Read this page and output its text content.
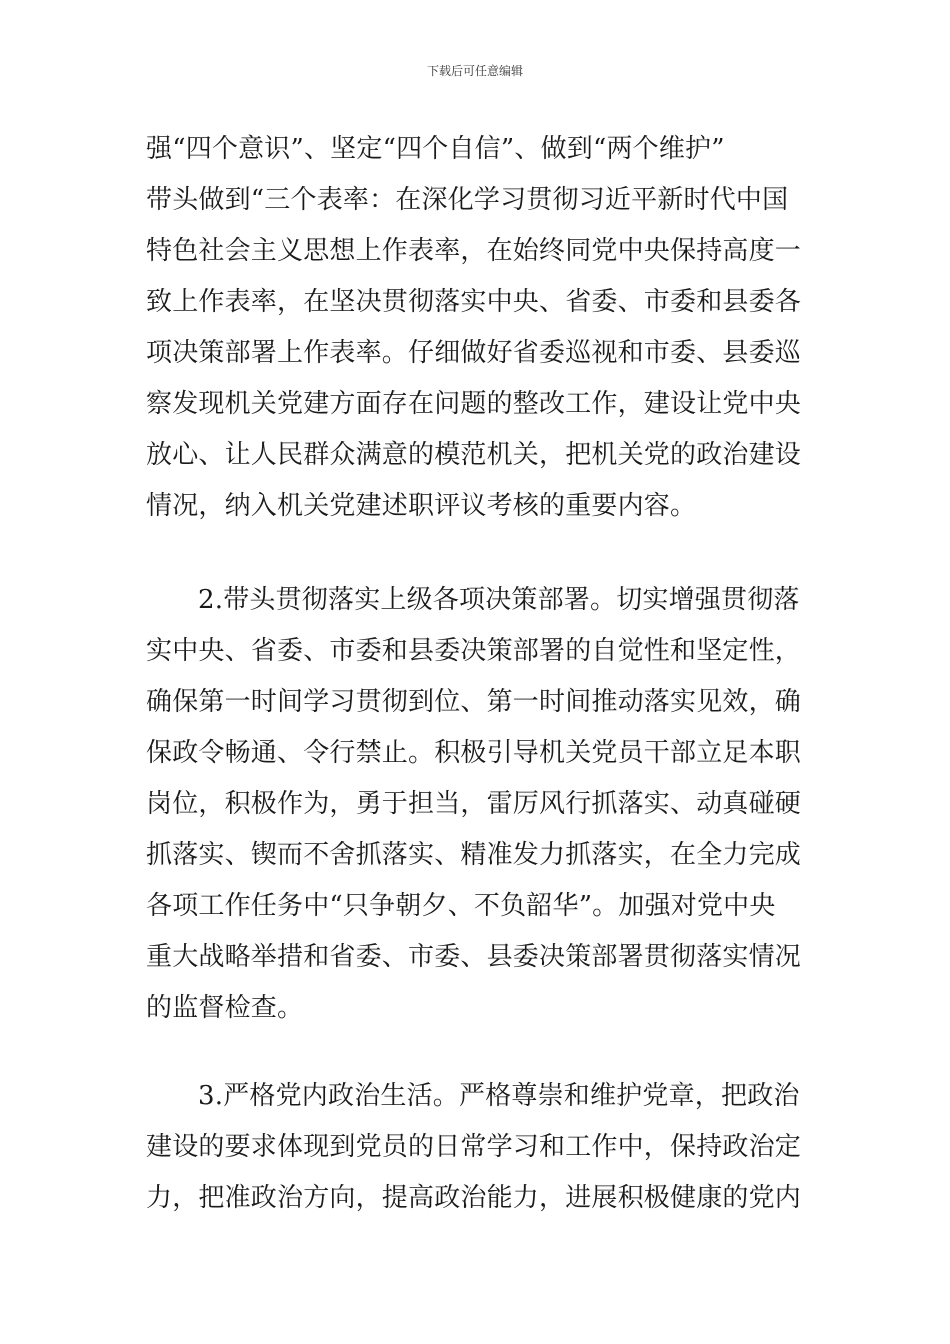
下载后可任意编辑
强“四个意识”、坚定“四个自信”、做到“两个维护”
带头做到“三个表率：在深化学习贯彻习近平新时代中国
特色社会主义思想上作表率，在始终同党中央保持高度一
致上作表率，在坚决贯彻落实中央、省委、市委和县委各
项决策部署上作表率。仔细做好省委巡视和市委、县委巡
察发现机关党建方面存在问题的整改工作，建设让党中央
放心、让人民群众满意的模范机关，把机关党的政治建设
情况，纳入机关党建述职评议考核的重要内容。
2.带头贯彻落实上级各项决策部署。切实增强贯彻落
实中央、省委、市委和县委决策部署的自觉性和坚定性，
确保第一时间学习贯彻到位、第一时间推动落实见效，确
保政令畅通、令行禁止。积极引导机关党员干部立足本职
岗位，积极作为，勇于担当，雷厉风行抓落实、动真碰硬
抓落实、锲而不舍抓落实、精准发力抓落实，在全力完成
各项工作任务中“只争朝夕、不负韶华”。加强对党中央
重大战略举措和省委、市委、县委决策部署贯彻落实情况
的监督检查。
3.严格党内政治生活。严格尊崇和维护党章，把政治
建设的要求体现到党员的日常学习和工作中，保持政治定
力，把准政治方向，提高政治能力，进展积极健康的党内
